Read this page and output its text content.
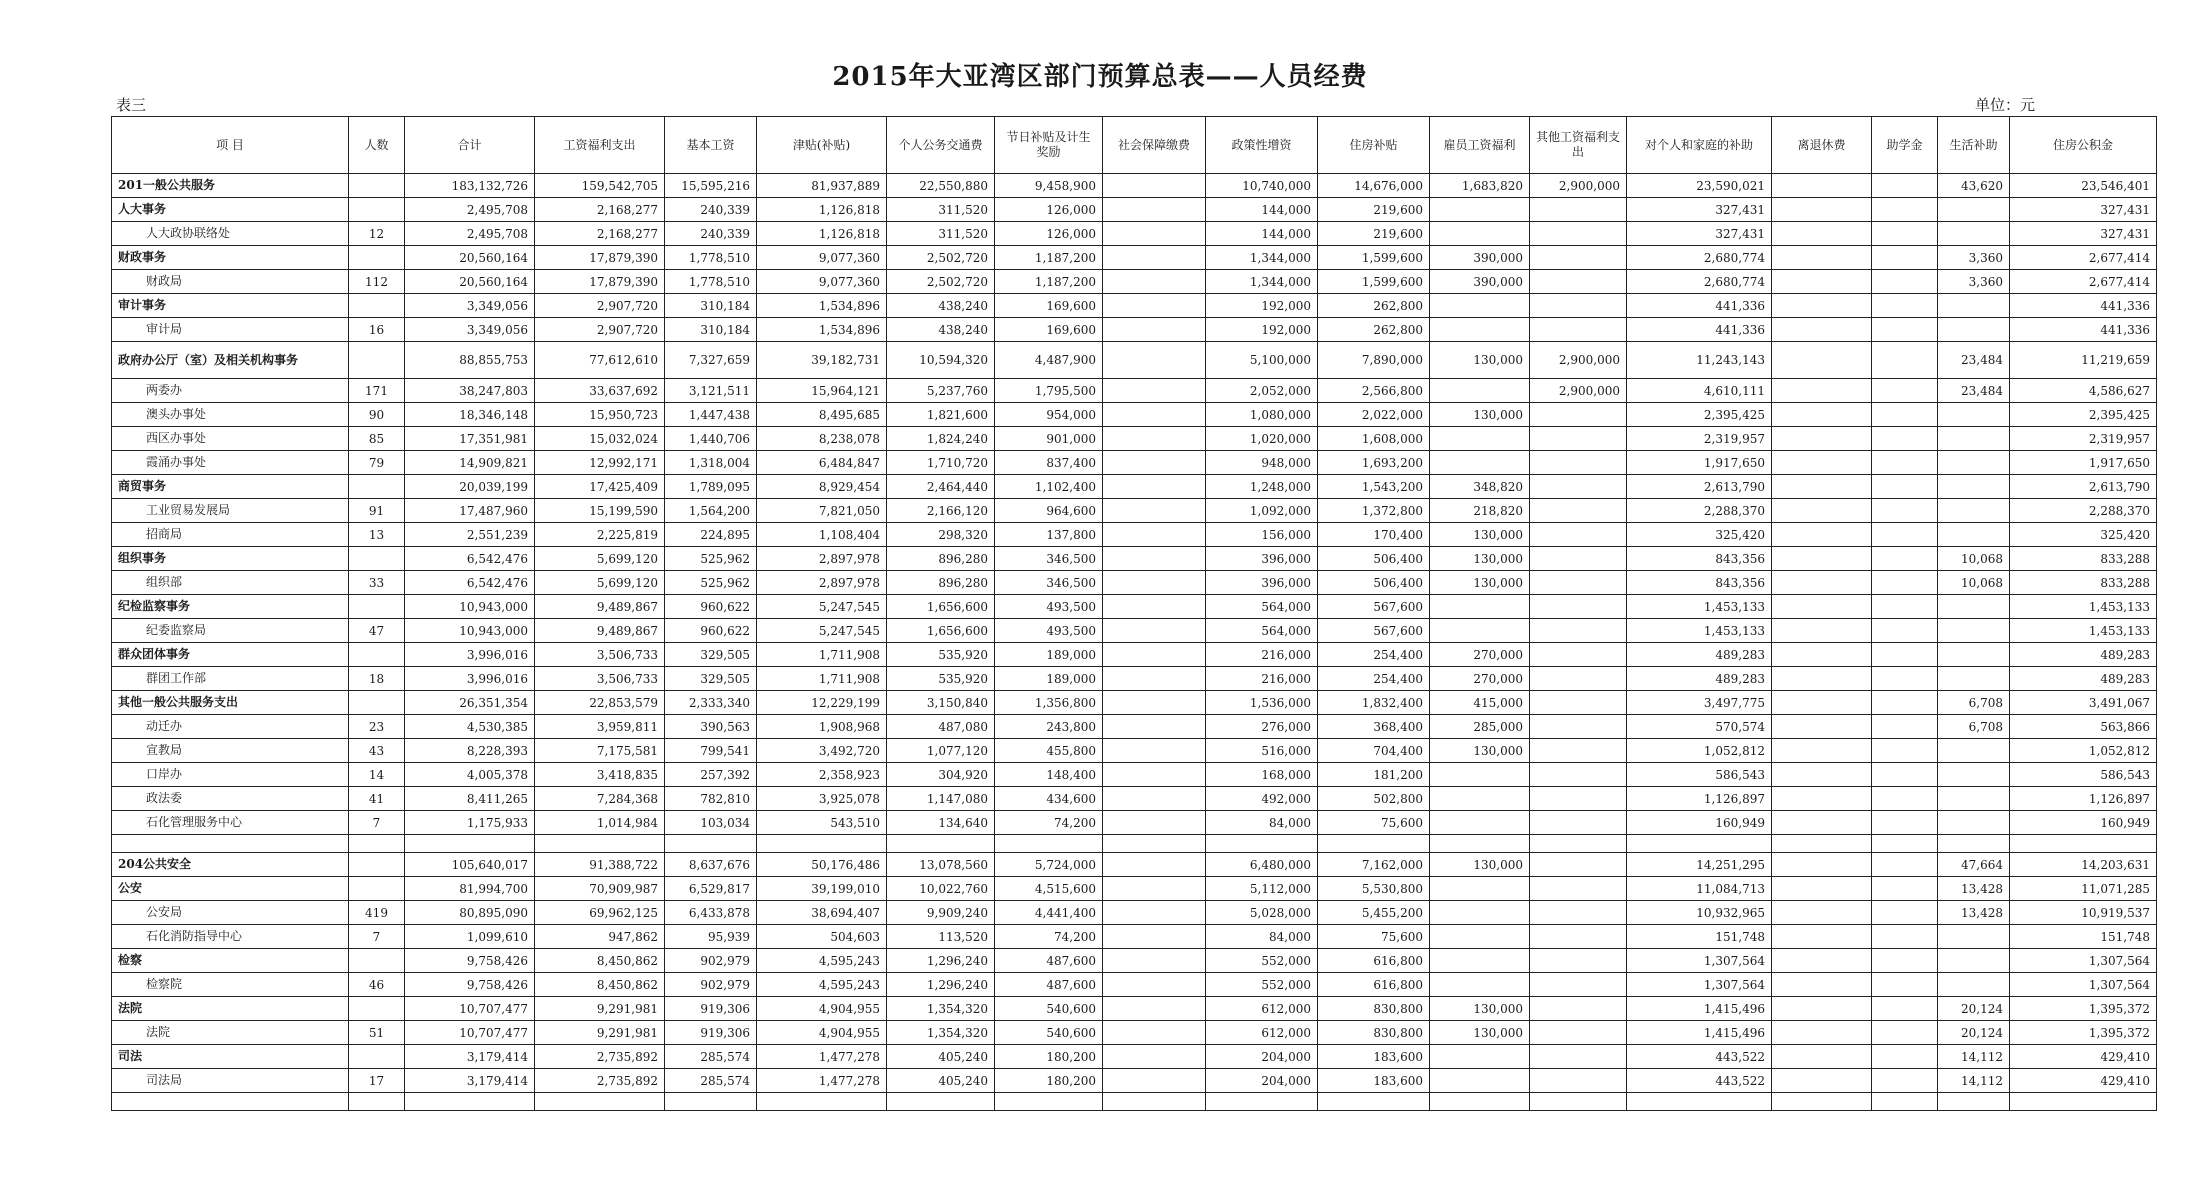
2015年大亚湾区部门预算总表——人员经费
表三	单位：元
项 目	人数	合计	工资福利支出	基本工资	津贴(补贴)	个人公务交通费	节日补贴及计生奖励	社会保障缴费	政策性增资	住房补贴	雇员工资福利	其他工资福利支出	对个人和家庭的补助	离退休费	助学金	生活补助	住房公积金
201一般公共服务		183,132,726	159,542,705	15,595,216	81,937,889	22,550,880	9,458,900		10,740,000	14,676,000	1,683,820	2,900,000	23,590,021			43,620	23,546,401
人大事务		2,495,708	2,168,277	240,339	1,126,818	311,520	126,000		144,000	219,600			327,431				327,431
人大政协联络处	12	2,495,708	2,168,277	240,339	1,126,818	311,520	126,000		144,000	219,600			327,431				327,431
财政事务		20,560,164	17,879,390	1,778,510	9,077,360	2,502,720	1,187,200		1,344,000	1,599,600	390,000		2,680,774			3,360	2,677,414
财政局	112	20,560,164	17,879,390	1,778,510	9,077,360	2,502,720	1,187,200		1,344,000	1,599,600	390,000		2,680,774			3,360	2,677,414
审计事务		3,349,056	2,907,720	310,184	1,534,896	438,240	169,600		192,000	262,800			441,336				441,336
审计局	16	3,349,056	2,907,720	310,184	1,534,896	438,240	169,600		192,000	262,800			441,336				441,336
政府办公厅（室）及相关机构事务		88,855,753	77,612,610	7,327,659	39,182,731	10,594,320	4,487,900		5,100,000	7,890,000	130,000	2,900,000	11,243,143			23,484	11,219,659
两委办	171	38,247,803	33,637,692	3,121,511	15,964,121	5,237,760	1,795,500		2,052,000	2,566,800		2,900,000	4,610,111			23,484	4,586,627
澳头办事处	90	18,346,148	15,950,723	1,447,438	8,495,685	1,821,600	954,000		1,080,000	2,022,000	130,000		2,395,425				2,395,425
西区办事处	85	17,351,981	15,032,024	1,440,706	8,238,078	1,824,240	901,000		1,020,000	1,608,000			2,319,957				2,319,957
霞涌办事处	79	14,909,821	12,992,171	1,318,004	6,484,847	1,710,720	837,400		948,000	1,693,200			1,917,650				1,917,650
商贸事务		20,039,199	17,425,409	1,789,095	8,929,454	2,464,440	1,102,400		1,248,000	1,543,200	348,820		2,613,790				2,613,790
工业贸易发展局	91	17,487,960	15,199,590	1,564,200	7,821,050	2,166,120	964,600		1,092,000	1,372,800	218,820		2,288,370				2,288,370
招商局	13	2,551,239	2,225,819	224,895	1,108,404	298,320	137,800		156,000	170,400	130,000		325,420				325,420
组织事务		6,542,476	5,699,120	525,962	2,897,978	896,280	346,500		396,000	506,400	130,000		843,356			10,068	833,288
组织部	33	6,542,476	5,699,120	525,962	2,897,978	896,280	346,500		396,000	506,400	130,000		843,356			10,068	833,288
纪检监察事务		10,943,000	9,489,867	960,622	5,247,545	1,656,600	493,500		564,000	567,600			1,453,133				1,453,133
纪委监察局	47	10,943,000	9,489,867	960,622	5,247,545	1,656,600	493,500		564,000	567,600			1,453,133				1,453,133
群众团体事务		3,996,016	3,506,733	329,505	1,711,908	535,920	189,000		216,000	254,400	270,000		489,283				489,283
群团工作部	18	3,996,016	3,506,733	329,505	1,711,908	535,920	189,000		216,000	254,400	270,000		489,283				489,283
其他一般公共服务支出		26,351,354	22,853,579	2,333,340	12,229,199	3,150,840	1,356,800		1,536,000	1,832,400	415,000		3,497,775			6,708	3,491,067
动迁办	23	4,530,385	3,959,811	390,563	1,908,968	487,080	243,800		276,000	368,400	285,000		570,574			6,708	563,866
宣教局	43	8,228,393	7,175,581	799,541	3,492,720	1,077,120	455,800		516,000	704,400	130,000		1,052,812				1,052,812
口岸办	14	4,005,378	3,418,835	257,392	2,358,923	304,920	148,400		168,000	181,200			586,543				586,543
政法委	41	8,411,265	7,284,368	782,810	3,925,078	1,147,080	434,600		492,000	502,800			1,126,897				1,126,897
石化管理服务中心	7	1,175,933	1,014,984	103,034	543,510	134,640	74,200		84,000	75,600			160,949				160,949

204公共安全		105,640,017	91,388,722	8,637,676	50,176,486	13,078,560	5,724,000		6,480,000	7,162,000	130,000		14,251,295			47,664	14,203,631
公安		81,994,700	70,909,987	6,529,817	39,199,010	10,022,760	4,515,600		5,112,000	5,530,800			11,084,713			13,428	11,071,285
公安局	419	80,895,090	69,962,125	6,433,878	38,694,407	9,909,240	4,441,400		5,028,000	5,455,200			10,932,965			13,428	10,919,537
石化消防指导中心	7	1,099,610	947,862	95,939	504,603	113,520	74,200		84,000	75,600			151,748				151,748
检察		9,758,426	8,450,862	902,979	4,595,243	1,296,240	487,600		552,000	616,800			1,307,564				1,307,564
检察院	46	9,758,426	8,450,862	902,979	4,595,243	1,296,240	487,600		552,000	616,800			1,307,564				1,307,564
法院		10,707,477	9,291,981	919,306	4,904,955	1,354,320	540,600		612,000	830,800	130,000		1,415,496			20,124	1,395,372
法院	51	10,707,477	9,291,981	919,306	4,904,955	1,354,320	540,600		612,000	830,800	130,000		1,415,496			20,124	1,395,372
司法		3,179,414	2,735,892	285,574	1,477,278	405,240	180,200		204,000	183,600			443,522			14,112	429,410
司法局	17	3,179,414	2,735,892	285,574	1,477,278	405,240	180,200		204,000	183,600			443,522			14,112	429,410
